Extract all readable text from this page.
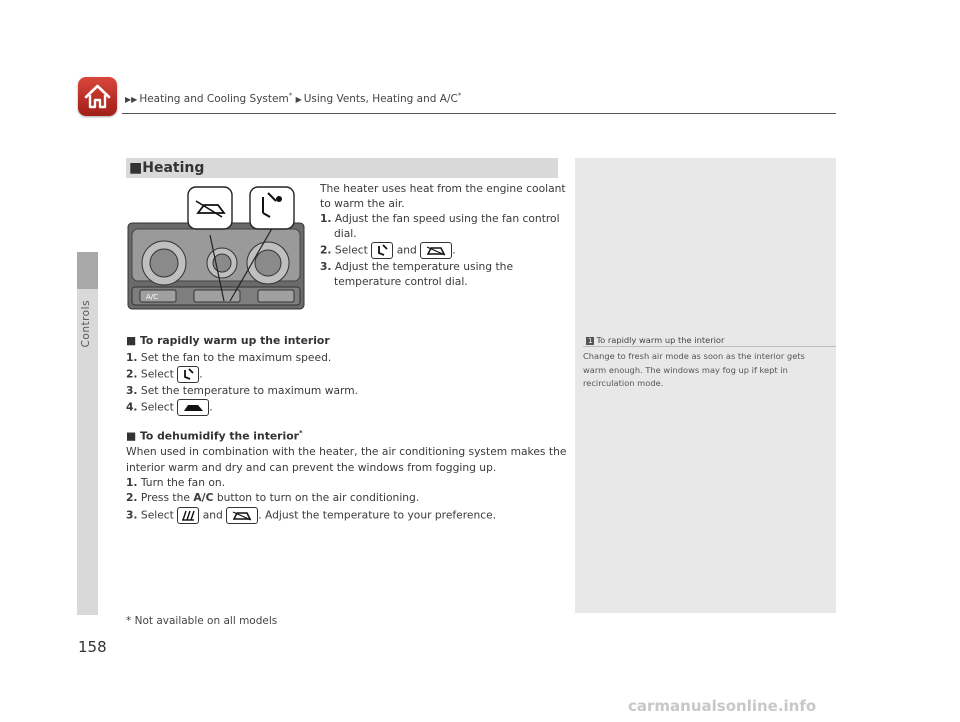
▶▶ Heating and Cooling System* ▶ Using Vents, Heating and A/C*
Controls
158
1 To rapidly warm up the interior
Change to fresh air mode as soon as the interior gets
warm enough. The windows may fog up if kept in
recirculation mode.
■Heating
A/C
The heater uses heat from the engine coolant
to warm the air.
1. Adjust the fan speed using the fan control
dial.
2. Select	and	.
3. Adjust the temperature using the
temperature control dial.
■ To rapidly warm up the interior
1. Set the fan to the maximum speed.
2. Select .
3. Set the temperature to maximum warm.
4. Select	.
■ To dehumidify the interior*
When used in combination with the heater, the air conditioning system makes the
interior warm and dry and can prevent the windows from fogging up.
1. Turn the fan on.
2. Press the A/C button to turn on the air conditioning.
3. Select	and	. Adjust the temperature to your preference.
* Not available on all models
carmanualsonline.info
